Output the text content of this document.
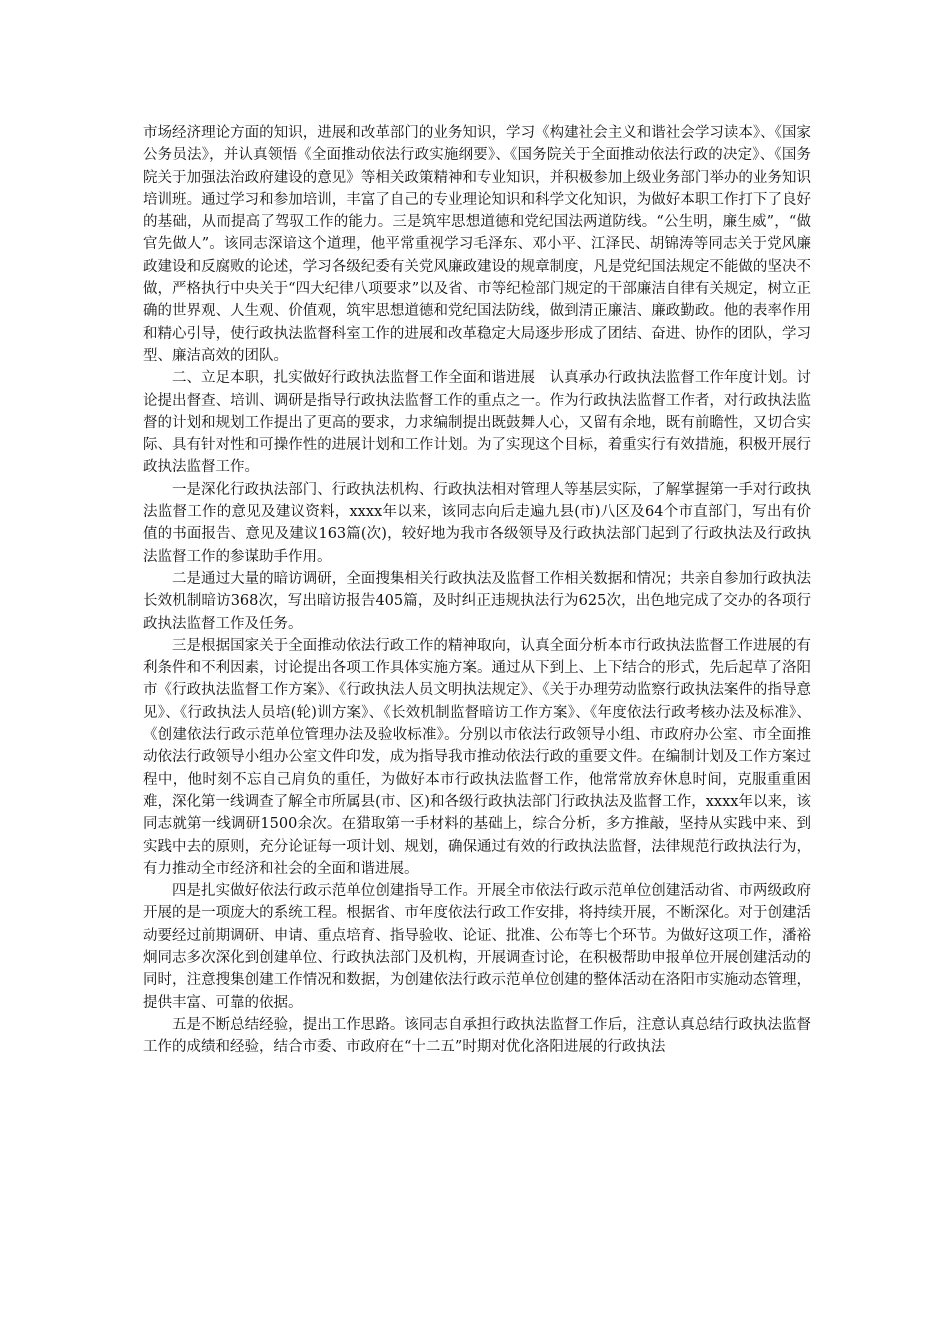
市场经济理论方面的知识，进展和改革部门的业务知识，学习《构建社会主义和谐社会学习读本》、《国家公务员法》，并认真领悟《全面推动依法行政实施纲要》、《国务院关于全面推动依法行政的决定》、《国务院关于加强法治政府建设的意见》等相关政策精神和专业知识，并积极参加上级业务部门举办的业务知识培训班。通过学习和参加培训，丰富了自己的专业理论知识和科学文化知识，为做好本职工作打下了良好的基础，从而提高了驾驭工作的能力。三是筑牢思想道德和党纪国法两道防线。“公生明，廉生威”，“做官先做人”。该同志深谙这个道理，他平常重视学习毛泽东、邓小平、江泽民、胡锦涛等同志关于党风廉政建设和反腐败的论述，学习各级纪委有关党风廉政建设的规章制度，凡是党纪国法规定不能做的坚决不做，严格执行中央关于“四大纪律八项要求”以及省、市等纪检部门规定的干部廉洁自律有关规定，树立正确的世界观、人生观、价值观，筑牢思想道德和党纪国法防线，做到清正廉洁、廉政勤政。他的表率作用和精心引导，使行政执法监督科室工作的进展和改革稳定大局逐步形成了团结、奋进、协作的团队，学习型、廉洁高效的团队。

二、立足本职，扎实做好行政执法监督工作全面和谐进展　认真承办行政执法监督工作年度计划。讨论提出督查、培训、调研是指导行政执法监督工作的重点之一。作为行政执法监督工作者，对行政执法监督的计划和规划工作提出了更高的要求，力求编制提出既鼓舞人心，又留有余地，既有前瞻性，又切合实际、具有针对性和可操作性的进展计划和工作计划。为了实现这个目标，着重实行有效措施，积极开展行政执法监督工作。

一是深化行政执法部门、行政执法机构、行政执法相对管理人等基层实际，了解掌握第一手对行政执法监督工作的意见及建议资料，xxxx年以来，该同志向后走遍九县(市)八区及64个市直部门，写出有价值的书面报告、意见及建议163篇(次)，较好地为我市各级领导及行政执法部门起到了行政执法及行政执法监督工作的参谋助手作用。

二是通过大量的暗访调研，全面搜集相关行政执法及监督工作相关数据和情况；共亲自参加行政执法长效机制暗访368次，写出暗访报告405篇，及时纠正违规执法行为625次，出色地完成了交办的各项行政执法监督工作及任务。

三是根据国家关于全面推动依法行政工作的精神取向，认真全面分析本市行政执法监督工作进展的有利条件和不利因素，讨论提出各项工作具体实施方案。通过从下到上、上下结合的形式，先后起草了洛阳市《行政执法监督工作方案》、《行政执法人员文明执法规定》、《关于办理劳动监察行政执法案件的指导意见》、《行政执法人员培(轮)训方案》、《长效机制监督暗访工作方案》、《年度依法行政考核办法及标准》、《创建依法行政示范单位管理办法及验收标准》。分别以市依法行政领导小组、市政府办公室、市全面推动依法行政领导小组办公室文件印发，成为指导我市推动依法行政的重要文件。在编制计划及工作方案过程中，他时刻不忘自己肩负的重任，为做好本市行政执法监督工作，他常常放弃休息时间，克服重重困难，深化第一线调查了解全市所属县(市、区)和各级行政执法部门行政执法及监督工作，xxxx年以来，该同志就第一线调研1500余次。在猎取第一手材料的基础上，综合分析，多方推敲，坚持从实践中来、到实践中去的原则，充分论证每一项计划、规划，确保通过有效的行政执法监督，法律规范行政执法行为，有力推动全市经济和社会的全面和谐进展。

四是扎实做好依法行政示范单位创建指导工作。开展全市依法行政示范单位创建活动省、市两级政府开展的是一项庞大的系统工程。根据省、市年度依法行政工作安排，将持续开展，不断深化。对于创建活动要经过前期调研、申请、重点培育、指导验收、论证、批准、公布等七个环节。为做好这项工作，潘裕炯同志多次深化到创建单位、行政执法部门及机构，开展调查讨论，在积极帮助申报单位开展创建活动的同时，注意搜集创建工作情况和数据，为创建依法行政示范单位创建的整体活动在洛阳市实施动态管理，提供丰富、可靠的依据。

五是不断总结经验，提出工作思路。该同志自承担行政执法监督工作后，注意认真总结行政执法监督工作的成绩和经验，结合市委、市政府在“十二五”时期对优化洛阳进展的行政执法
